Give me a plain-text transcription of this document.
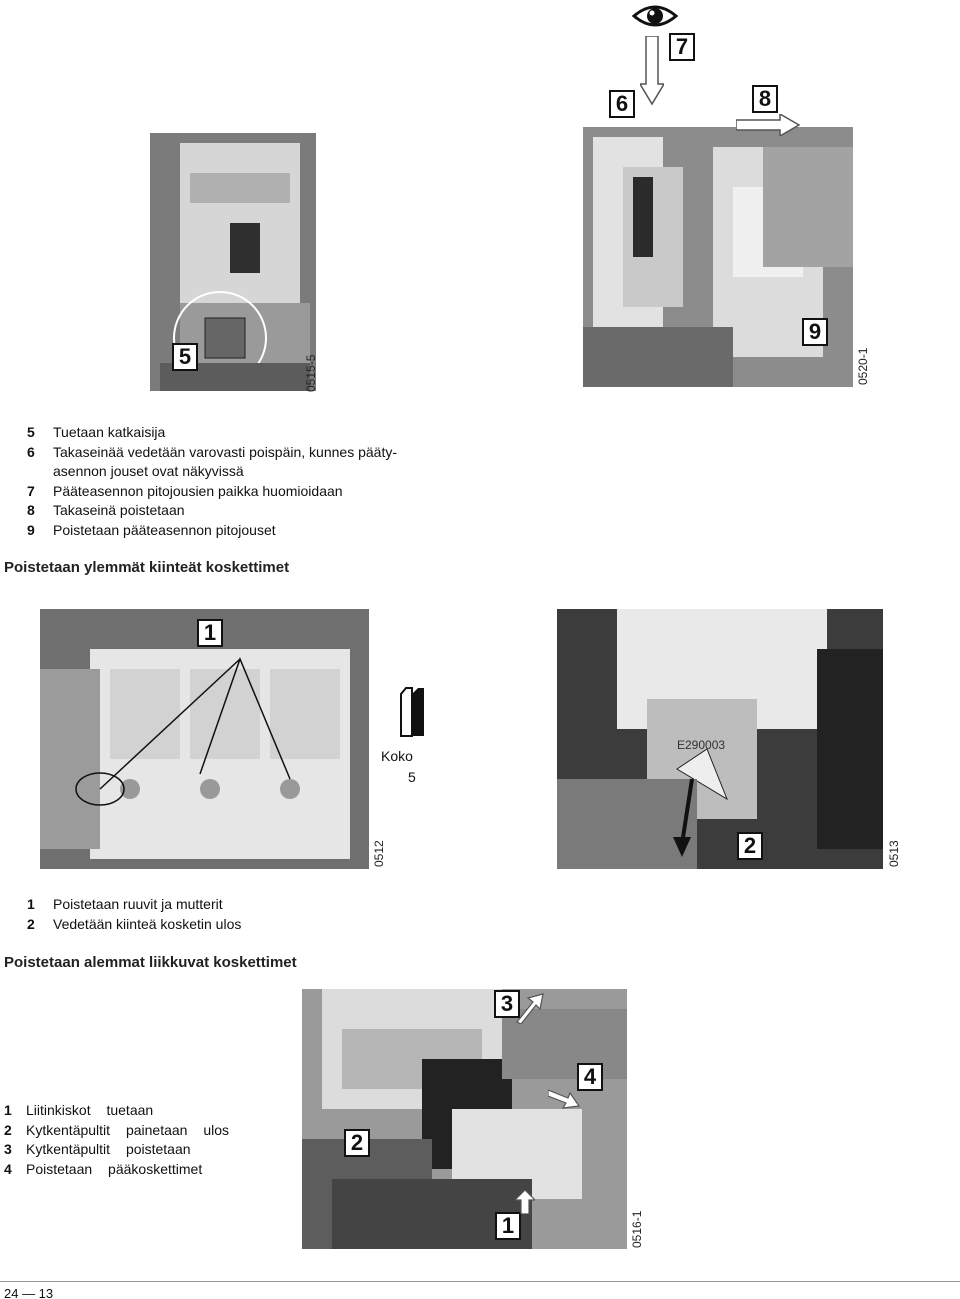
7
5	0515-5
6	8
9
0520-1
5	Tuetaan katkaisija
6	Takaseinää vedetään varovasti poispäin, kunnes pääty-
asennon jouset ovat näkyvissä
7	Pääteasennon pitojousien paikka huomioidaan
8	Takaseinä poistetaan
9	Poistetaan pääteasennon pitojouset
Poistetaan ylemmät kiinteät koskettimet
1
0512
Koko
5
E290003
2	0513
1	Poistetaan ruuvit ja mutterit
2	Vedetään kiinteä kosketin ulos
Poistetaan alemmat liikkuvat koskettimet
3
4
2
1	0516-1
1	Liitinkiskot tuetaan
2	Kytkentäpultit painetaan ulos
3	Kytkentäpultit poistetaan
4	Poistetaan pääkoskettimet
24 — 13
